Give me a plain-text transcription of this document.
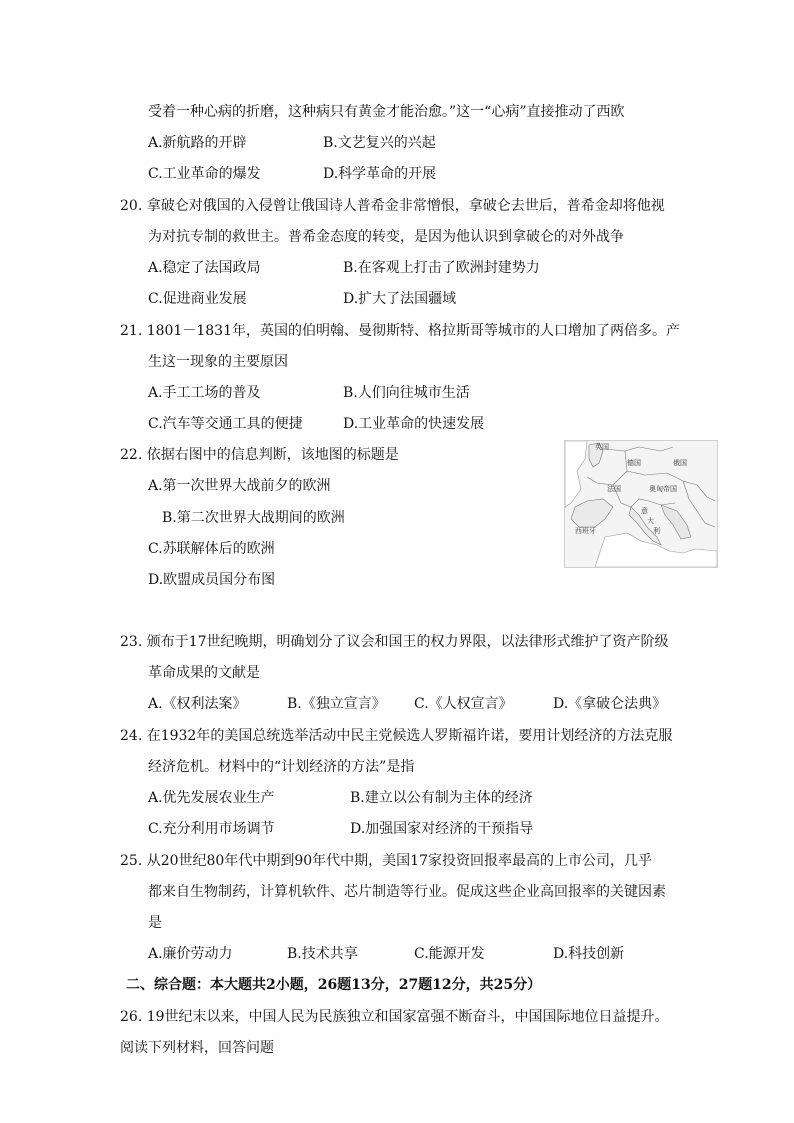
受着一种心病的折磨，这种病只有黄金才能治愈。”这一“心病”直接推动了西欧
A.新航路的开辟	B.文艺复兴的兴起
C.工业革命的爆发	D.科学革命的开展
20. 拿破仑对俄国的入侵曾让俄国诗人普希金非常憎恨，拿破仑去世后，普希金却将他视
为对抗专制的救世主。普希金态度的转变，是因为他认识到拿破仑的对外战争
A.稳定了法国政局	B.在客观上打击了欧洲封建势力
C.促进商业发展	D.扩大了法国疆域
21. 1801－1831年，英国的伯明翰、曼彻斯特、格拉斯哥等城市的人口增加了两倍多。产
生这一现象的主要原因
A.手工工场的普及	B.人们向往城市生活
C.汽车等交通工具的便捷	D.工业革命的快速发展
22. 依据右图中的信息判断，该地图的标题是
A.第一次世界大战前夕的欧洲
B.第二次世界大战期间的欧洲
C.苏联解体后的欧洲
D.欧盟成员国分布图
英国
德国	俄国
法国	奥匈帝国
意
大
利
西班牙
23. 颁布于17世纪晚期，明确划分了议会和国王的权力界限，以法律形式维护了资产阶级
革命成果的文献是
A.《权利法案》	B.《独立宣言》 C.《人权宣言》	D.《拿破仑法典》
24. 在1932年的美国总统选举活动中民主党候选人罗斯福许诺，要用计划经济的方法克服
经济危机。材料中的“计划经济的方法”是指
A.优先发展农业生产	B.建立以公有制为主体的经济
C.充分利用市场调节	D.加强国家对经济的干预指导
25. 从20世纪80年代中期到90年代中期，美国17家投资回报率最高的上市公司，几乎
都来自生物制药，计算机软件、芯片制造等行业。促成这些企业高回报率的关键因素
是
A.廉价劳动力	B.技术共享	C.能源开发	D.科技创新
二、综合题：本大题共2小题，26题13分，27题12分，共25分）
26. 19世纪末以来，中国人民为民族独立和国家富强不断奋斗，中国国际地位日益提升。
阅读下列材料，回答问题
